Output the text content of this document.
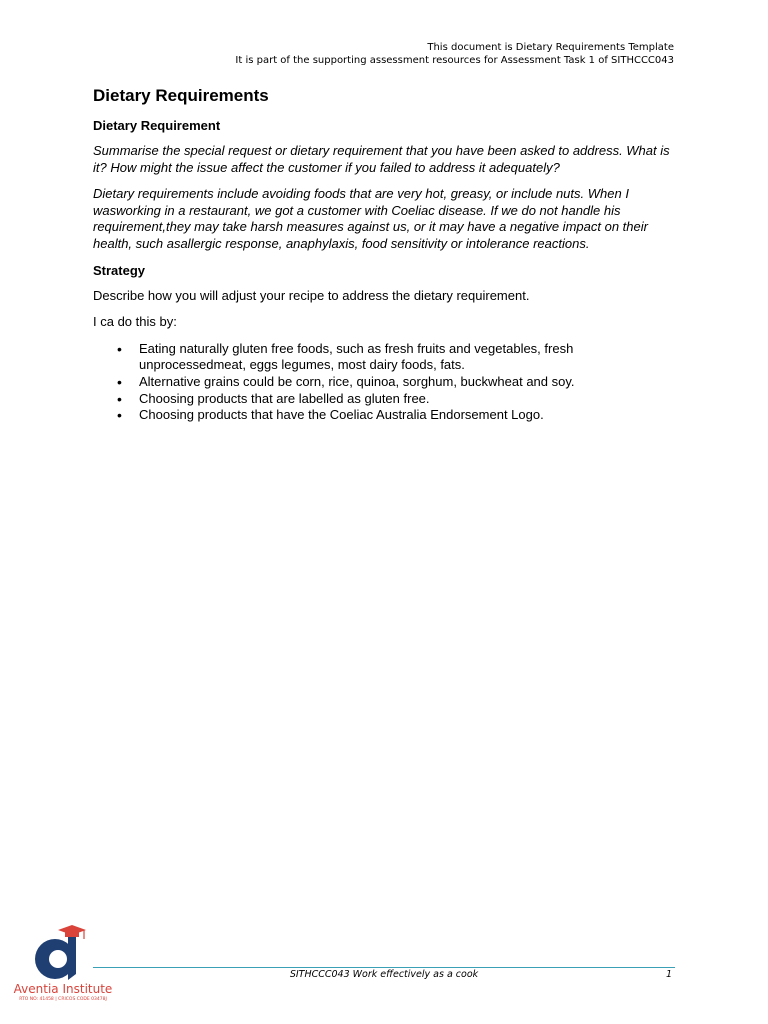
This document is Dietary Requirements Template
It is part of the supporting assessment resources for Assessment Task 1 of SITHCCC043
Dietary Requirements
Dietary Requirement

Summarise the special request or dietary requirement that you have been asked to address. What is it? How might the issue affect the customer if you failed to address it adequately?

Dietary requirements include avoiding foods that are very hot, greasy, or include nuts. When I wasworking in a restaurant, we got a customer with Coeliac disease. If we do not handle his requirement,they may take harsh measures against us, or it may have a negative impact on their health, such asallergic response, anaphylaxis, food sensitivity or intolerance reactions.

Strategy

Describe how you will adjust your recipe to address the dietary requirement.

I ca do this by:

• Eating naturally gluten free foods, such as fresh fruits and vegetables, fresh unprocessedmeat, eggs legumes, most dairy foods, fats.
• Alternative grains could be corn, rice, quinoa, sorghum, buckwheat and soy.
• Choosing products that are labelled as gluten free.
• Choosing products that have the Coeliac Australia Endorsement Logo.
Aventia Institute
RTO NO: 41458 | CRICOS CODE 03478J
SITHCCC043 Work effectively as a cook	1
